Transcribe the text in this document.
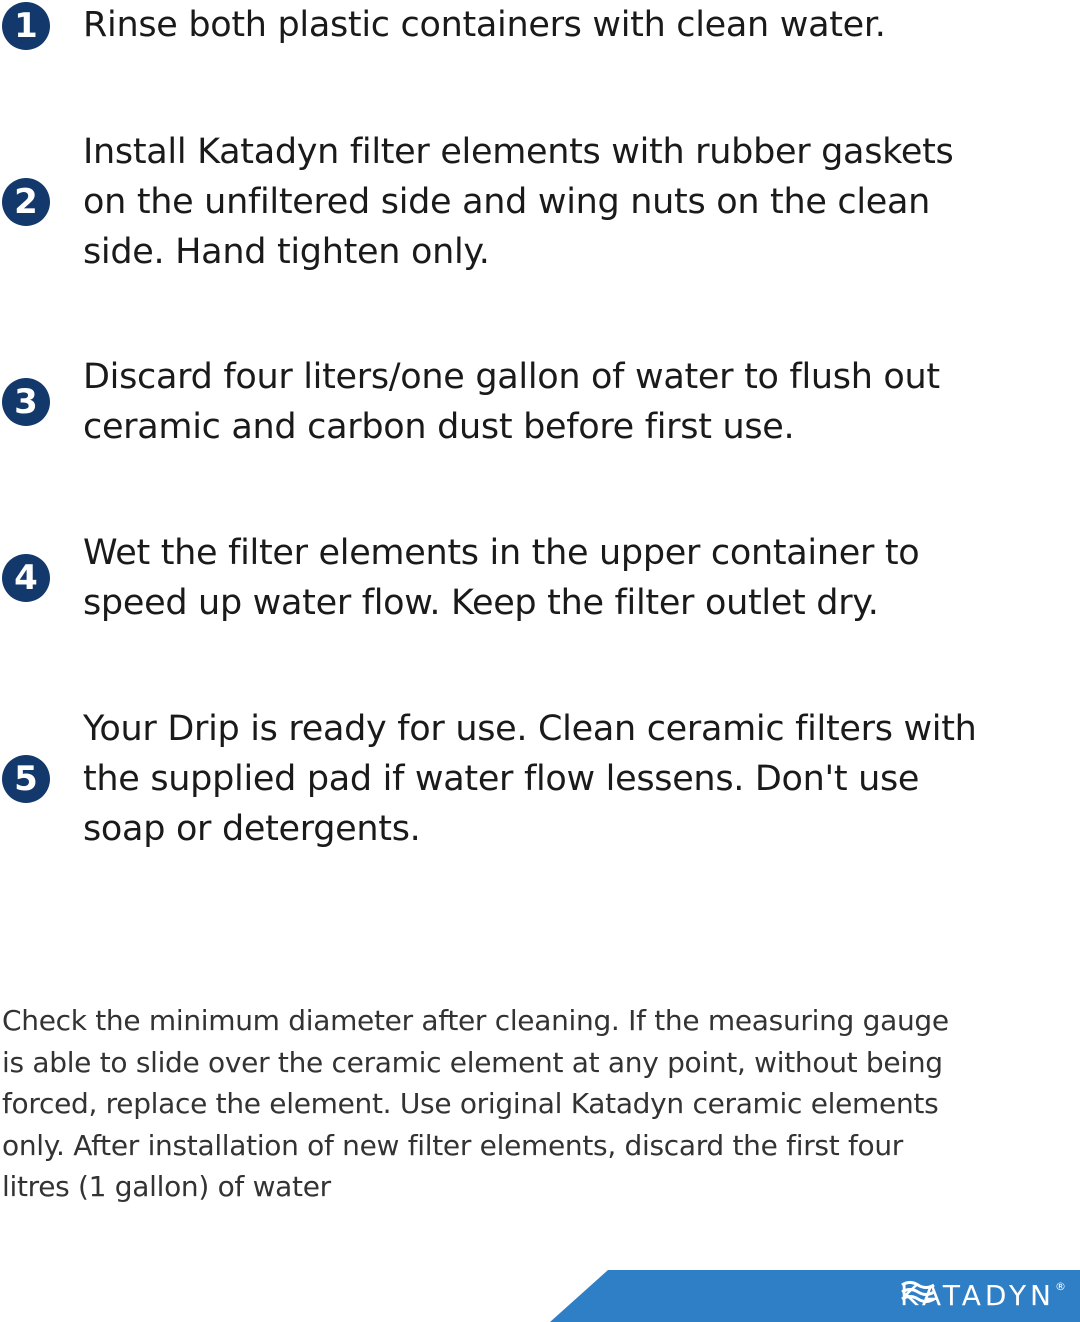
1	Rinse both plastic containers with clean water.
2
Install Katadyn filter elements with rubber gaskets
on the unfiltered side and wing nuts on the clean
side. Hand tighten only.
3
Discard four liters/one gallon of water to flush out
ceramic and carbon dust before first use.
4
Wet the filter elements in the upper container to
speed up water flow. Keep the filter outlet dry.
5
Your Drip is ready for use. Clean ceramic filters with
the supplied pad if water flow lessens. Don't use
soap or detergents.
Check the minimum diameter after cleaning. If the measuring gauge
is able to slide over the ceramic element at any point, without being
forced, replace the element. Use original Katadyn ceramic elements
only. After installation of new filter elements, discard the first four
litres (1 gallon) of water
KATADYN ®
